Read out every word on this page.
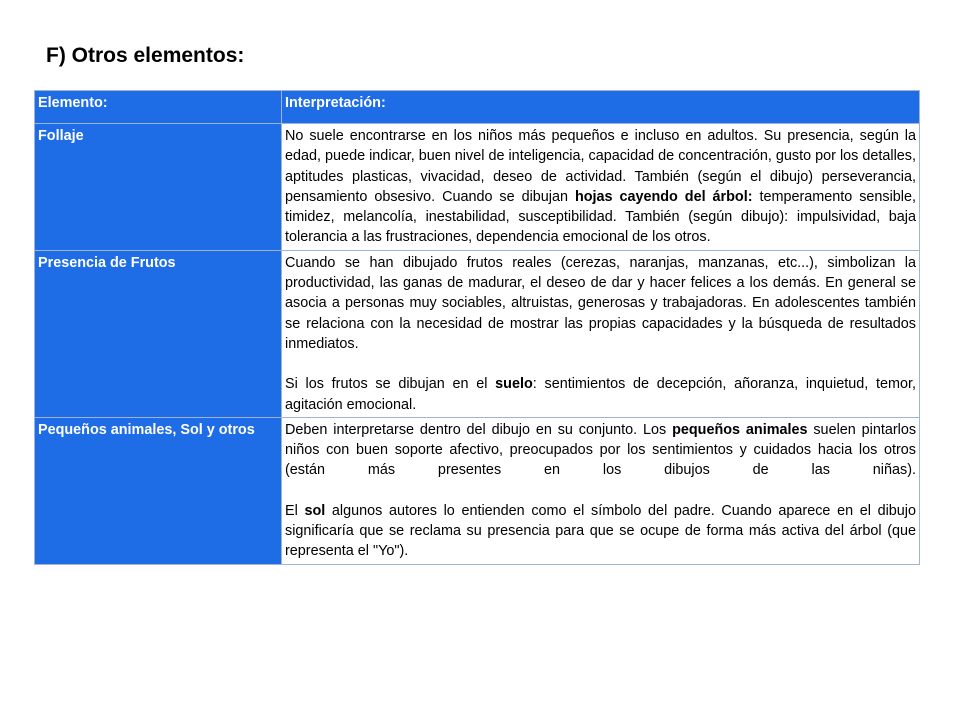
F) Otros elementos:
Elemento:	Interpretación:
Follaje	No suele encontrarse en los niños más pequeños e incluso en adultos. Su presencia, según la edad, puede indicar, buen nivel de inteligencia, capacidad de concentración, gusto por los detalles, aptitudes plasticas, vivacidad, deseo de actividad. También (según el dibujo) perseverancia, pensamiento obsesivo. Cuando se dibujan hojas cayendo del árbol: temperamento sensible, timidez, melancolía, inestabilidad, susceptibilidad. También (según dibujo): impulsividad, baja tolerancia a las frustraciones, dependencia emocional de los otros.

Presencia de Frutos	Cuando se han dibujado frutos reales (cerezas, naranjas, manzanas, etc...), simbolizan la productividad, las ganas de madurar, el deseo de dar y hacer felices a los demás. En general se asocia a personas muy sociables, altruistas, generosas y trabajadoras. En adolescentes también se relaciona con la necesidad de mostrar las propias capacidades y la búsqueda de resultados inmediatos.
Si los frutos se dibujan en el suelo: sentimientos de decepción, añoranza, inquietud, temor, agitación emocional.

Pequeños animales, Sol y otros	Deben interpretarse dentro del dibujo en su conjunto. Los pequeños animales suelen pintarlos niños con buen soporte afectivo, preocupados por los sentimientos y cuidados hacia los otros (están más presentes en los dibujos de las niñas).
El sol algunos autores lo entienden como el símbolo del padre. Cuando aparece en el dibujo significaría que se reclama su presencia para que se ocupe de forma más activa del árbol (que representa el "Yo").
